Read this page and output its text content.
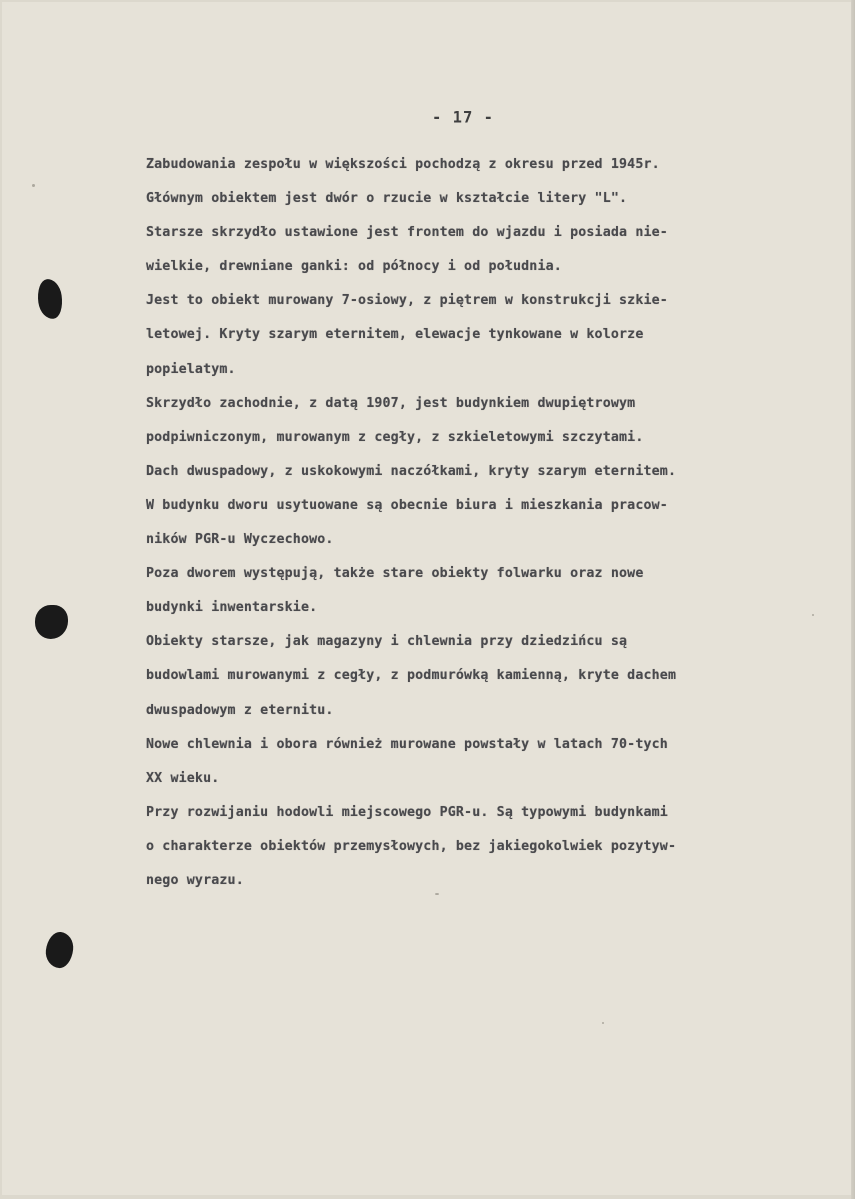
- 17 -
Zabudowania zespołu w większości pochodzą z okresu przed 1945r.
Głównym obiektem jest dwór o rzucie w kształcie litery "L".
Starsze skrzydło ustawione jest frontem do wjazdu i posiada nie-
wielkie, drewniane ganki: od północy i od południa.
Jest to obiekt murowany 7-osiowy, z piętrem w konstrukcji szkie-
letowej. Kryty szarym eternitem, elewacje tynkowane w kolorze
popielatym.
Skrzydło zachodnie, z datą 1907, jest budynkiem dwupiętrowym
podpiwniczonym, murowanym z cegły, z szkieletowymi szczytami.
Dach dwuspadowy, z uskokowymi naczółkami, kryty szarym eternitem.
W budynku dworu usytuowane są obecnie biura i mieszkania pracow-
ników PGR-u Wyczechowo.
Poza dworem występują, także stare obiekty folwarku oraz nowe
budynki inwentarskie.
Obiekty starsze, jak magazyny i chlewnia przy dziedzińcu są
budowlami murowanymi z cegły, z podmurówką kamienną, kryte dachem
dwuspadowym z eternitu.
Nowe chlewnia i obora również murowane powstały w latach 70-tych
XX wieku.
Przy rozwijaniu hodowli miejscowego PGR-u. Są typowymi budynkami
o charakterze obiektów przemysłowych, bez jakiegokolwiek pozytyw-
nego wyrazu.
